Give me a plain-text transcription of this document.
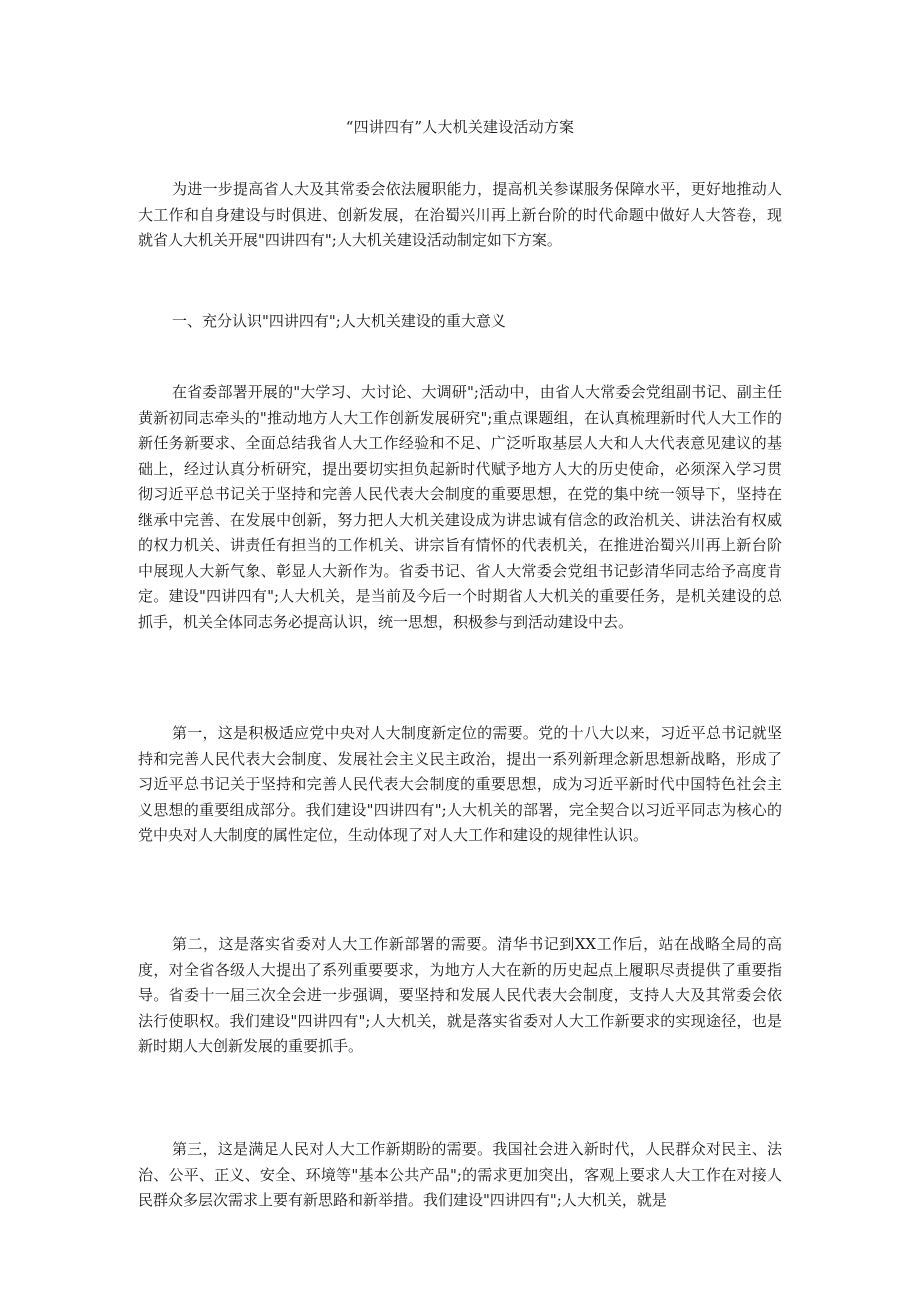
“四讲四有”人大机关建设活动方案

为进一步提高省人大及其常委会依法履职能力，提高机关参谋服务保障水平，更好地推动人大工作和自身建设与时俱进、创新发展，在治蜀兴川再上新台阶的时代命题中做好人大答卷，现就省人大机关开展"四讲四有";人大机关建设活动制定如下方案。

一、充分认识"四讲四有";人大机关建设的重大意义

在省委部署开展的"大学习、大讨论、大调研";活动中，由省人大常委会党组副书记、副主任黄新初同志牵头的"推动地方人大工作创新发展研究";重点课题组，在认真梳理新时代人大工作的新任务新要求、全面总结我省人大工作经验和不足、广泛听取基层人大和人大代表意见建议的基础上，经过认真分析研究，提出要切实担负起新时代赋予地方人大的历史使命，必须深入学习贯彻习近平总书记关于坚持和完善人民代表大会制度的重要思想，在党的集中统一领导下，坚持在继承中完善、在发展中创新，努力把人大机关建设成为讲忠诚有信念的政治机关、讲法治有权威的权力机关、讲责任有担当的工作机关、讲宗旨有情怀的代表机关，在推进治蜀兴川再上新台阶中展现人大新气象、彰显人大新作为。省委书记、省人大常委会党组书记彭清华同志给予高度肯定。建设"四讲四有";人大机关，是当前及今后一个时期省人大机关的重要任务，是机关建设的总抓手，机关全体同志务必提高认识，统一思想，积极参与到活动建设中去。

第一，这是积极适应党中央对人大制度新定位的需要。党的十八大以来，习近平总书记就坚持和完善人民代表大会制度、发展社会主义民主政治，提出一系列新理念新思想新战略，形成了习近平总书记关于坚持和完善人民代表大会制度的重要思想，成为习近平新时代中国特色社会主义思想的重要组成部分。我们建设"四讲四有";人大机关的部署，完全契合以习近平同志为核心的党中央对人大制度的属性定位，生动体现了对人大工作和建设的规律性认识。

第二，这是落实省委对人大工作新部署的需要。清华书记到XX工作后，站在战略全局的高度，对全省各级人大提出了系列重要要求，为地方人大在新的历史起点上履职尽责提供了重要指导。省委十一届三次全会进一步强调，要坚持和发展人民代表大会制度，支持人大及其常委会依法行使职权。我们建设"四讲四有";人大机关，就是落实省委对人大工作新要求的实现途径，也是新时期人大创新发展的重要抓手。

第三，这是满足人民对人大工作新期盼的需要。我国社会进入新时代，人民群众对民主、法治、公平、正义、安全、环境等"基本公共产品";的需求更加突出，客观上要求人大工作在对接人民群众多层次需求上要有新思路和新举措。我们建设"四讲四有";人大机关，就是
